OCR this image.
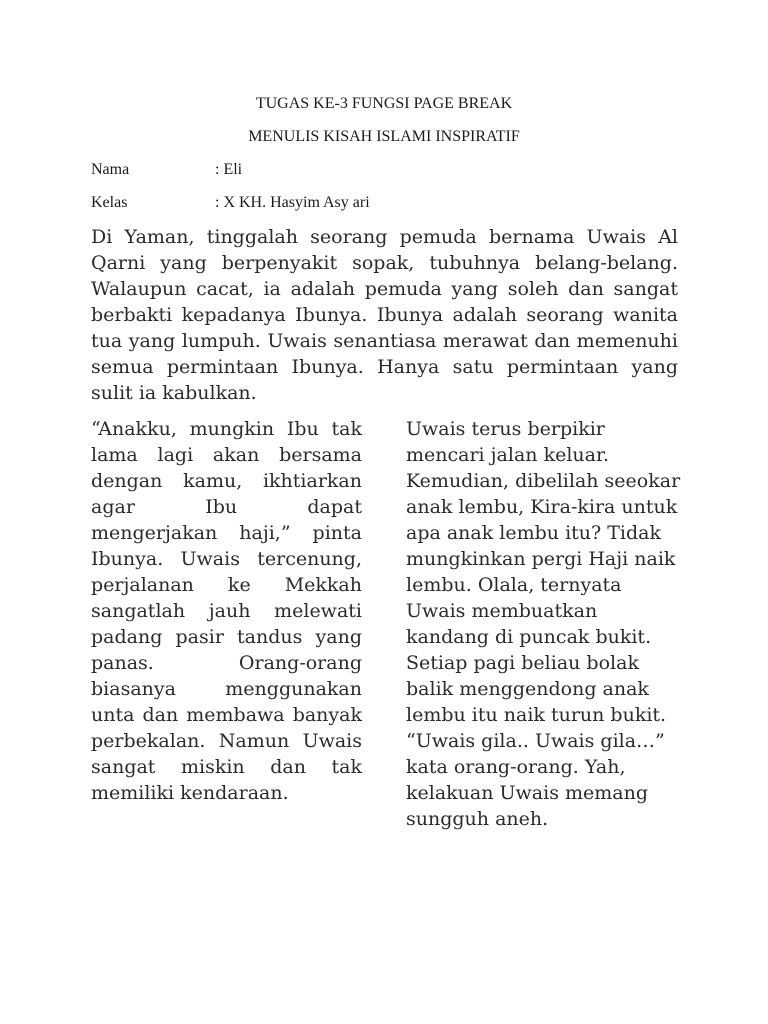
TUGAS KE-3 FUNGSI PAGE BREAK
MENULIS KISAH ISLAMI INSPIRATIF
Nama	: Eli
Kelas	: X KH. Hasyim Asy ari

Di Yaman, tinggalah seorang pemuda bernama Uwais Al Qarni yang berpenyakit sopak, tubuhnya belang-belang. Walaupun cacat, ia adalah pemuda yang soleh dan sangat berbakti kepadanya Ibunya. Ibunya adalah seorang wanita tua yang lumpuh. Uwais senantiasa merawat dan memenuhi semua permintaan Ibunya. Hanya satu permintaan yang sulit ia kabulkan.

“Anakku, mungkin Ibu tak lama lagi akan bersama dengan kamu, ikhtiarkan agar Ibu dapat mengerjakan haji,” pinta Ibunya. Uwais tercenung, perjalanan ke Mekkah sangatlah jauh melewati padang pasir tandus yang panas. Orang-orang biasanya menggunakan unta dan membawa banyak perbekalan. Namun Uwais sangat miskin dan tak memiliki kendaraan.

Uwais terus berpikir mencari jalan keluar. Kemudian, dibelilah seeokar anak lembu, Kira-kira untuk apa anak lembu itu? Tidak mungkinkan pergi Haji naik lembu. Olala, ternyata Uwais membuatkan kandang di puncak bukit. Setiap pagi beliau bolak balik menggendong anak lembu itu naik turun bukit. “Uwais gila.. Uwais gila…” kata orang-orang. Yah, kelakuan Uwais memang sungguh aneh.
